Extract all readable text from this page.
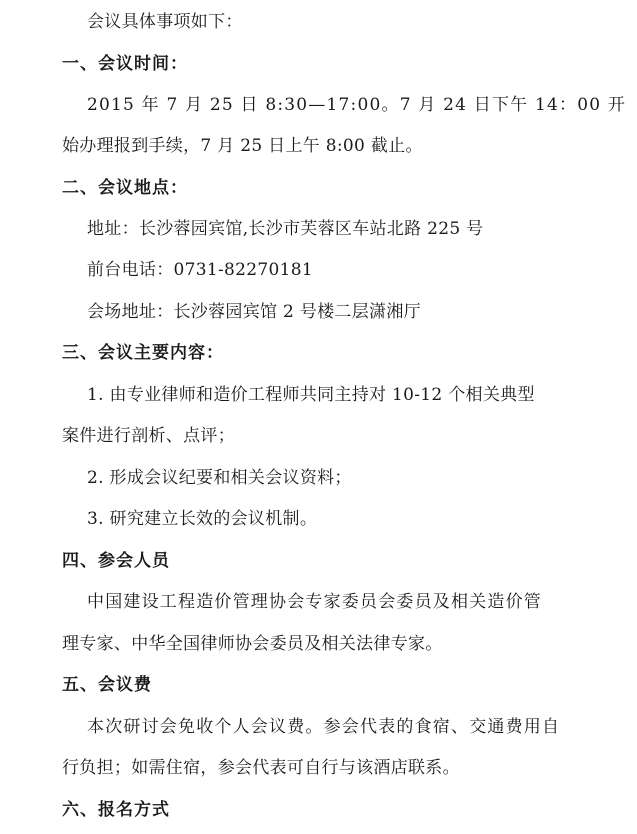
会议具体事项如下：
一、会议时间：
2015 年 7 月 25 日 8:30—17:00。7 月 24 日下午 14：00 开
始办理报到手续，7 月 25 日上午 8:00 截止。
二、会议地点：
地址：长沙蓉园宾馆,长沙市芙蓉区车站北路 225 号
前台电话：0731-82270181
会场地址：长沙蓉园宾馆 2 号楼二层潇湘厅
三、会议主要内容：
1. 由专业律师和造价工程师共同主持对 10-12 个相关典型
案件进行剖析、点评；
2. 形成会议纪要和相关会议资料；
3. 研究建立长效的会议机制。
四、参会人员
中国建设工程造价管理协会专家委员会委员及相关造价管
理专家、中华全国律师协会委员及相关法律专家。
五、会议费
本次研讨会免收个人会议费。参会代表的食宿、交通费用自
行负担；如需住宿，参会代表可自行与该酒店联系。
六、报名方式
